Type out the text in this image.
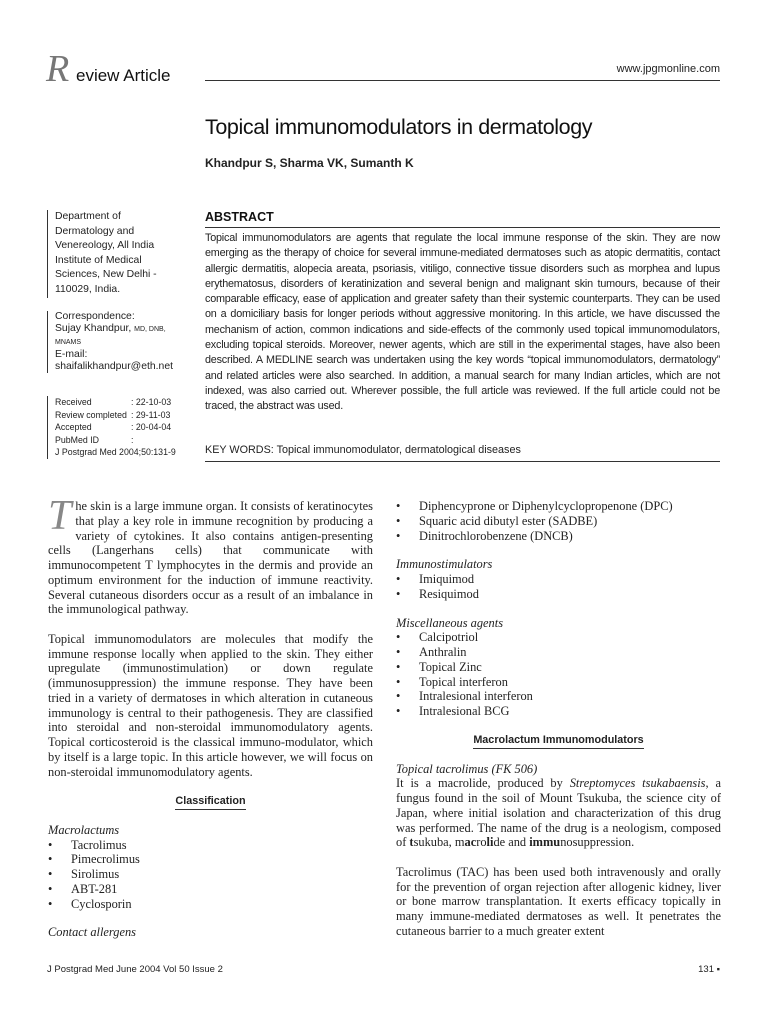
R eview Article	www.jpgmonline.com
Topical immunomodulators in dermatology
Khandpur S, Sharma VK, Sumanth K
Department of
Dermatology and
Venereology, All India
Institute of Medical
Sciences, New Delhi -
110029, India.
Correspondence:
Sujay Khandpur, MD, DNB,
MNAMS
E-mail:
shaifalikhandpur@eth.net
Received	: 22-10-03
Review completed : 29-11-03
Accepted	: 20-04-04
PubMed ID	:
J Postgrad Med 2004;50:131-9
ABSTRACT
Topical immunomodulators are agents that regulate the local immune response of the skin. They are now emerging as the therapy of choice for several immune-mediated dermatoses such as atopic dermatitis, contact allergic dermatitis, alopecia areata, psoriasis, vitiligo, connective tissue disorders such as morphea and lupus erythematosus, disorders of keratinization and several benign and malignant skin tumours, because of their comparable efficacy, ease of application and greater safety than their systemic counterparts. They can be used on a domiciliary basis for longer periods without aggressive monitoring. In this article, we have discussed the mechanism of action, common indications and side-effects of the commonly used topical immunomodulators, excluding topical steroids. Moreover, newer agents, which are still in the experimental stages, have also been described. A MEDLINE search was undertaken using the key words “topical immunomodulators, dermatology” and related articles were also searched. In addition, a manual search for many Indian articles, which are not indexed, was also carried out. Wherever possible, the full article was reviewed. If the full article could not be traced, the abstract was used.
KEY WORDS: Topical immunomodulator, dermatological diseases

The skin is a large immune organ. It consists of keratinocytes that play a key role in immune recognition by producing a variety of cytokines. It also contains antigen-presenting cells (Langerhans cells) that communicate with immunocompetent T lymphocytes in the dermis and provide an optimum environment for the induction of immune reactivity. Several cutaneous disorders occur as a result of an imbalance in the immunological pathway.

Topical immunomodulators are molecules that modify the immune response locally when applied to the skin. They either upregulate (immunostimulation) or down regulate (immunosuppression) the immune response. They have been tried in a variety of dermatoses in which alteration in cutaneous immunology is central to their pathogenesis. They are classified into steroidal and non-steroidal immunomodulatory agents. Topical corticosteroid is the classical immuno-modulator, which by itself is a large topic. In this article however, we will focus on non-steroidal immunomodulatory agents.

Classification

Macrolactums

• Tacrolimus
• Pimecrolimus
• Sirolimus
• ABT-281
• Cyclosporin

Contact allergens

• Diphencyprone or Diphenylcyclopropenone (DPC)
• Squaric acid dibutyl ester (SADBE)
• Dinitrochlorobenzene (DNCB)

Immunostimulators

• Imiquimod
• Resiquimod

Miscellaneous agents

• Calcipotriol
• Anthralin
• Topical Zinc
• Topical interferon
• Intralesional interferon
• Intralesional BCG
Macrolactum Immunomodulators

Topical tacrolimus (FK 506)

It is a macrolide, produced by Streptomyces tsukabaensis, a fungus found in the soil of Mount Tsukuba, the science city of Japan, where initial isolation and characterization of this drug was performed. The name of the drug is a neologism, composed of tsukuba, macrolide and immunosuppression.

Tacrolimus (TAC) has been used both intravenously and orally for the prevention of organ rejection after allogenic kidney, liver or bone marrow transplantation. It exerts efficacy topically in many immune-mediated dermatoses as well. It penetrates the cutaneous barrier to a much greater extent

J Postgrad Med June 2004 Vol 50 Issue 2	131 ▪
